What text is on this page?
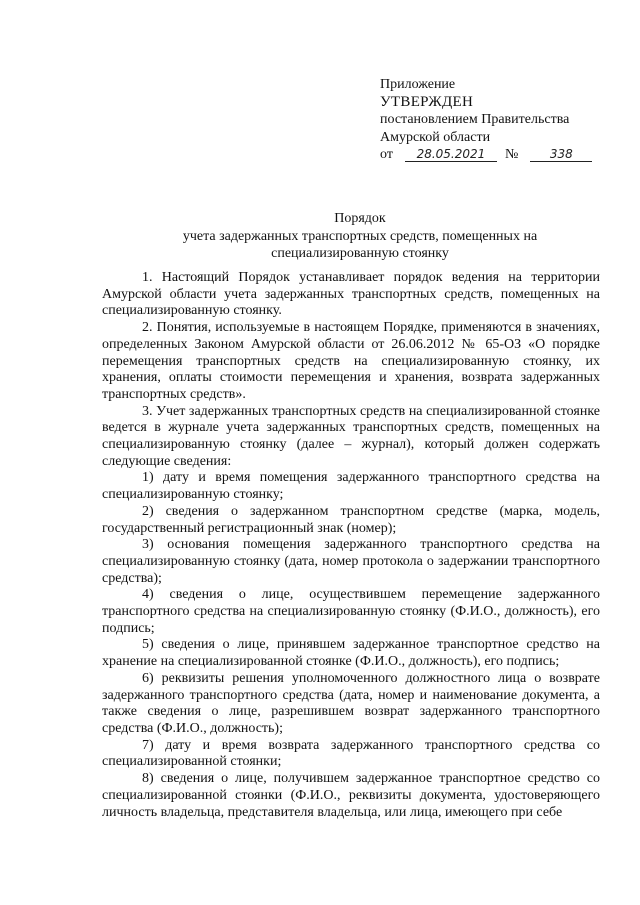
Приложение
УТВЕРЖДЕН
постановлением Правительства
Амурской области
от	28.05.2021	№	338
Порядок
учета задержанных транспортных средств, помещенных на
специализированную стоянку

1. Настоящий Порядок устанавливает порядок ведения на территории Амурской области учета задержанных транспортных средств, помещенных на специализированную стоянку.

2. Понятия, используемые в настоящем Порядке, применяются в значениях, определенных Законом Амурской области от 26.06.2012 № 65-ОЗ «О порядке перемещения транспортных средств на специализированную стоянку, их хранения, оплаты стоимости перемещения и хранения, возврата задержанных транспортных средств».

3. Учет задержанных транспортных средств на специализированной стоянке ведется в журнале учета задержанных транспортных средств, помещенных на специализированную стоянку (далее – журнал), который должен содержать следующие сведения:

1) дату и время помещения задержанного транспортного средства на специализированную стоянку;

2) сведения о задержанном транспортном средстве (марка, модель, государственный регистрационный знак (номер);

3) основания помещения задержанного транспортного средства на специализированную стоянку (дата, номер протокола о задержании транспортного средства);

4) сведения о лице, осуществившем перемещение задержанного транспортного средства на специализированную стоянку (Ф.И.О., должность), его подпись;

5) сведения о лице, принявшем задержанное транспортное средство на хранение на специализированной стоянке (Ф.И.О., должность), его подпись;

6) реквизиты решения уполномоченного должностного лица о возврате задержанного транспортного средства (дата, номер и наименование документа, а также сведения о лице, разрешившем возврат задержанного транспортного средства (Ф.И.О., должность);

7) дату и время возврата задержанного транспортного средства со специализированной стоянки;

8) сведения о лице, получившем задержанное транспортное средство со специализированной стоянки (Ф.И.О., реквизиты документа, удостоверяющего личность владельца, представителя владельца, или лица, имеющего при себе
